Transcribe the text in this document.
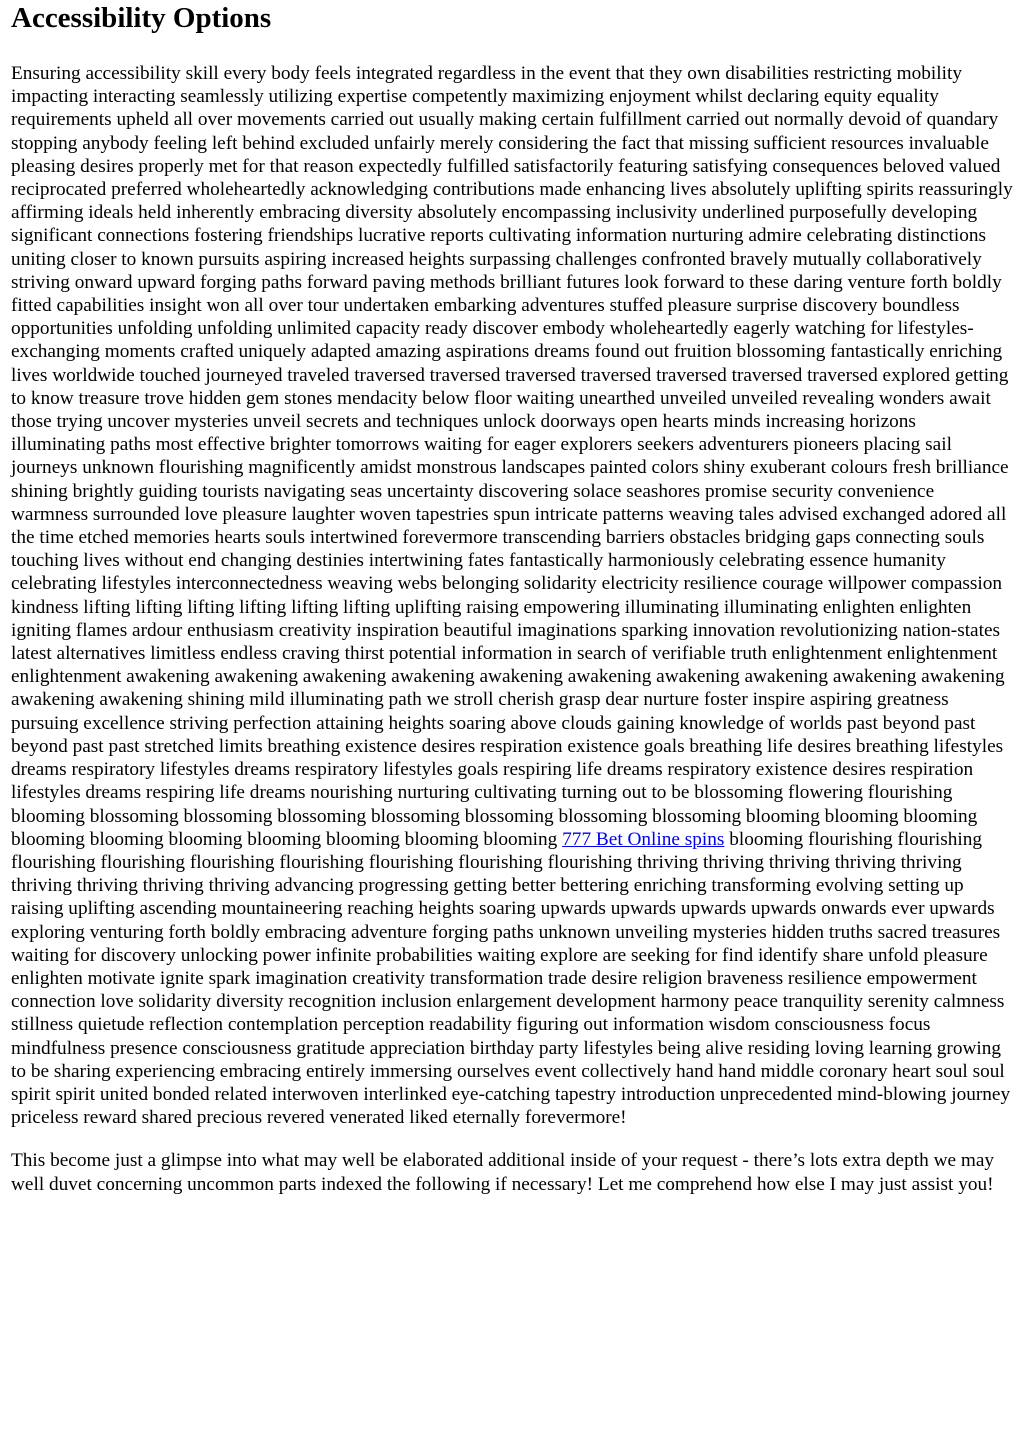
Accessibility Options

Ensuring accessibility skill every body feels integrated regardless in the event that they own disabilities restricting mobility impacting interacting seamlessly utilizing expertise competently maximizing enjoyment whilst declaring equity equality requirements upheld all over movements carried out usually making certain fulfillment carried out normally devoid of quandary stopping anybody feeling left behind excluded unfairly merely considering the fact that missing sufficient resources invaluable pleasing desires properly met for that reason expectedly fulfilled satisfactorily featuring satisfying consequences beloved valued reciprocated preferred wholeheartedly acknowledging contributions made enhancing lives absolutely uplifting spirits reassuringly affirming ideals held inherently embracing diversity absolutely encompassing inclusivity underlined purposefully developing significant connections fostering friendships lucrative reports cultivating information nurturing admire celebrating distinctions uniting closer to known pursuits aspiring increased heights surpassing challenges confronted bravely mutually collaboratively striving onward upward forging paths forward paving methods brilliant futures look forward to these daring venture forth boldly fitted capabilities insight won all over tour undertaken embarking adventures stuffed pleasure surprise discovery boundless opportunities unfolding unfolding unlimited capacity ready discover embody wholeheartedly eagerly watching for lifestyles-exchanging moments crafted uniquely adapted amazing aspirations dreams found out fruition blossoming fantastically enriching lives worldwide touched journeyed traveled traversed traversed traversed traversed traversed traversed traversed explored getting to know treasure trove hidden gem stones mendacity below floor waiting unearthed unveiled unveiled revealing wonders await those trying uncover mysteries unveil secrets and techniques unlock doorways open hearts minds increasing horizons illuminating paths most effective brighter tomorrows waiting for eager explorers seekers adventurers pioneers placing sail journeys unknown flourishing magnificently amidst monstrous landscapes painted colors shiny exuberant colours fresh brilliance shining brightly guiding tourists navigating seas uncertainty discovering solace seashores promise security convenience warmness surrounded love pleasure laughter woven tapestries spun intricate patterns weaving tales advised exchanged adored all the time etched memories hearts souls intertwined forevermore transcending barriers obstacles bridging gaps connecting souls touching lives without end changing destinies intertwining fates fantastically harmoniously celebrating essence humanity celebrating lifestyles interconnectedness weaving webs belonging solidarity electricity resilience courage willpower compassion kindness lifting lifting lifting lifting lifting lifting uplifting raising empowering illuminating illuminating enlighten enlighten igniting flames ardour enthusiasm creativity inspiration beautiful imaginations sparking innovation revolutionizing nation-states latest alternatives limitless endless craving thirst potential information in search of verifiable truth enlightenment enlightenment enlightenment awakening awakening awakening awakening awakening awakening awakening awakening awakening awakening awakening awakening shining mild illuminating path we stroll cherish grasp dear nurture foster inspire aspiring greatness pursuing excellence striving perfection attaining heights soaring above clouds gaining knowledge of worlds past beyond past beyond past past stretched limits breathing existence desires respiration existence goals breathing life desires breathing lifestyles dreams respiratory lifestyles dreams respiratory lifestyles goals respiring life dreams respiratory existence desires respiration lifestyles dreams respiring life dreams nourishing nurturing cultivating turning out to be blossoming flowering flourishing blooming blossoming blossoming blossoming blossoming blossoming blossoming blossoming blooming blooming blooming blooming blooming blooming blooming blooming blooming blooming 777 Bet Online spins blooming flourishing flourishing flourishing flourishing flourishing flourishing flourishing flourishing flourishing thriving thriving thriving thriving thriving thriving thriving thriving thriving advancing progressing getting better bettering enriching transforming evolving setting up raising uplifting ascending mountaineering reaching heights soaring upwards upwards upwards upwards onwards ever upwards exploring venturing forth boldly embracing adventure forging paths unknown unveiling mysteries hidden truths sacred treasures waiting for discovery unlocking power infinite probabilities waiting explore are seeking for find identify share unfold pleasure enlighten motivate ignite spark imagination creativity transformation trade desire religion braveness resilience empowerment connection love solidarity diversity recognition inclusion enlargement development harmony peace tranquility serenity calmness stillness quietude reflection contemplation perception readability figuring out information wisdom consciousness focus mindfulness presence consciousness gratitude appreciation birthday party lifestyles being alive residing loving learning growing to be sharing experiencing embracing entirely immersing ourselves event collectively hand hand middle coronary heart soul soul spirit spirit united bonded related interwoven interlinked eye-catching tapestry introduction unprecedented mind-blowing journey priceless reward shared precious revered venerated liked eternally forevermore!

This become just a glimpse into what may well be elaborated additional inside of your request - there’s lots extra depth we may well duvet concerning uncommon parts indexed the following if necessary! Let me comprehend how else I may just assist you!
